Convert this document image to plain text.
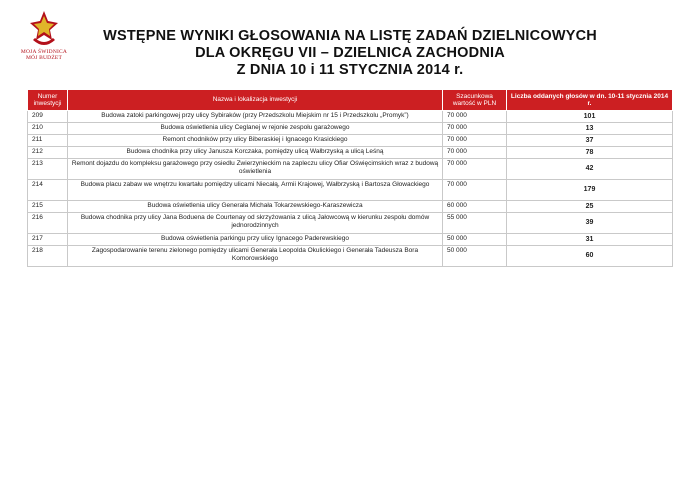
MOJA ŚWIDNICA
MÓJ BUDŻET
WSTĘPNE WYNIKI GŁOSOWANIA NA LISTĘ ZADAŃ DZIELNICOWYCH
DLA OKRĘGU VII – DZIELNICA ZACHODNIA
Z DNIA 10 i 11 STYCZNIA 2014 r.
Numer inwestycji	Nazwa i lokalizacja inwestycji	Szacunkowa wartość w PLN	Liczba oddanych głosów w dn. 10-11 stycznia 2014 r.
209	Budowa zatoki parkingowej przy ulicy Sybiraków (przy Przedszkolu Miejskim nr 15 i Przedszkolu „Promyk”)	70 000	101
210	Budowa oświetlenia ulicy Ceglanej w rejonie zespołu garażowego	70 000	13
211	Remont chodników przy ulicy Biberaskiej i Ignacego Krasickiego	70 000	37
212	Budowa chodnika przy ulicy Janusza Korczaka, pomiędzy ulicą Wałbrzyską a ulicą Leśną	70 000	78
213	Remont dojazdu do kompleksu garażowego przy osiedlu Zwierzynieckim na zapleczu ulicy Ofiar Oświęcimskich wraz z budową oświetlenia	70 000	42
214	Budowa placu zabaw we wnętrzu kwartału pomiędzy ulicami Niecałą, Armii Krajowej, Wałbrzyską i Bartosza Głowackiego	70 000	179
215	Budowa oświetlenia ulicy Generała Michała Tokarzewskiego-Karaszewicza	60 000	25
216	Budowa chodnika przy ulicy Jana Boduena de Courtenay od skrzyżowania z ulicą Jałowcową w kierunku zespołu domów jednorodzinnych	55 000	39
217	Budowa oświetlenia parkingu przy ulicy Ignacego Paderewskiego	50 000	31
218	Zagospodarowanie terenu zielonego pomiędzy ulicami Generała Leopolda Okulickiego i Generała Tadeusza Bora Komorowskiego	50 000	60
